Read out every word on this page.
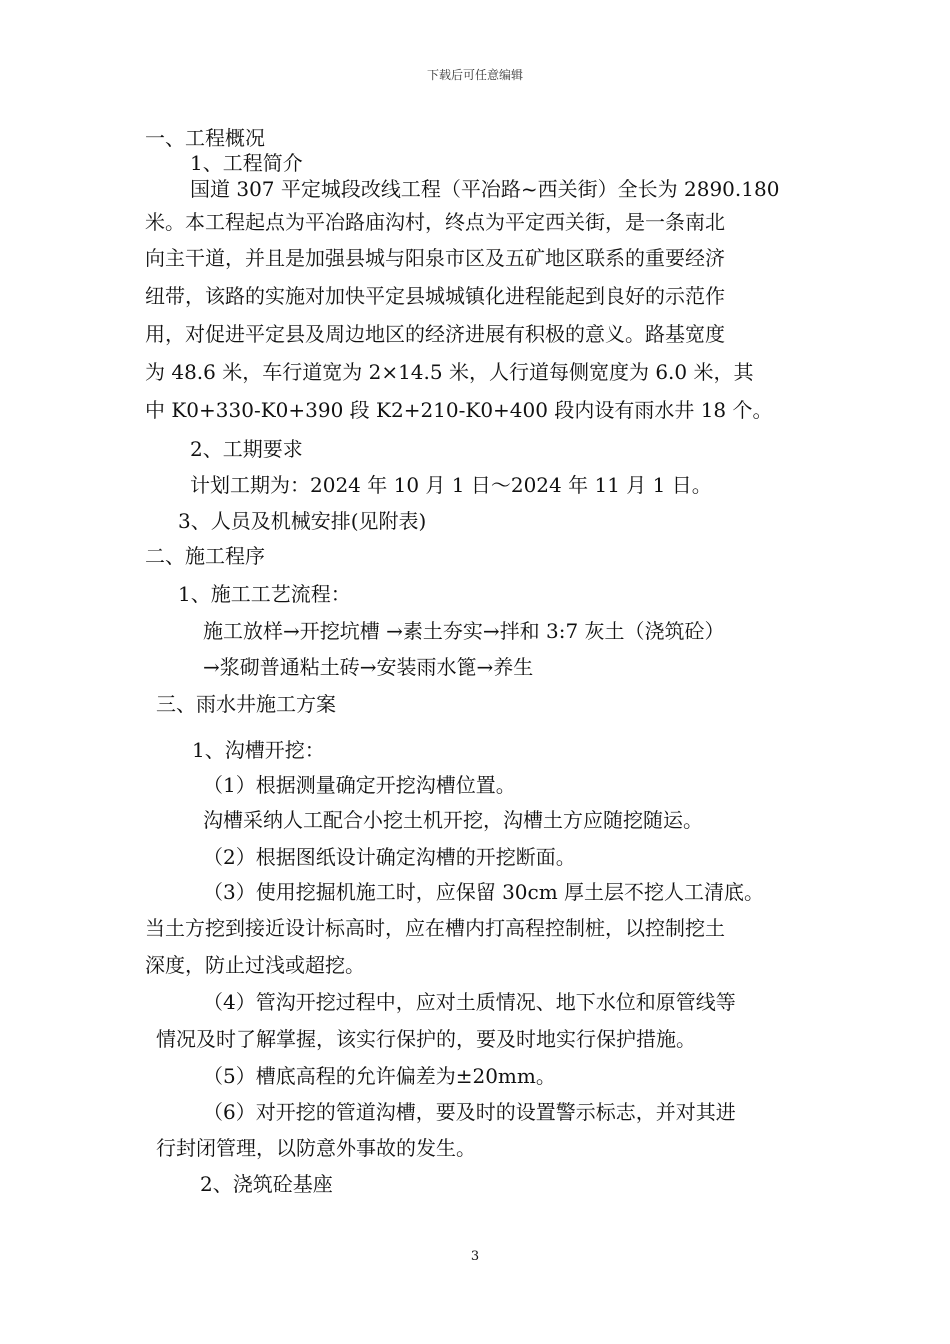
下载后可任意编辑
一、工程概况
1、工程简介
国道 307 平定城段改线工程（平冶路~西关街）全长为 2890.180
米。本工程起点为平冶路庙沟村，终点为平定西关街，是一条南北
向主干道，并且是加强县城与阳泉市区及五矿地区联系的重要经济
纽带，该路的实施对加快平定县城城镇化进程能起到良好的示范作
用，对促进平定县及周边地区的经济进展有积极的意义。路基宽度
为 48.6 米，车行道宽为 2×14.5 米，人行道每侧宽度为 6.0 米，其
中 K0+330-K0+390 段 K2+210-K0+400 段内设有雨水井 18 个。
2、工期要求
计划工期为：2024 年 10 月 1 日～2024 年 11 月 1 日。
3、人员及机械安排(见附表)
二、施工程序
1、施工工艺流程：
施工放样→开挖坑槽 →素土夯实→拌和 3:7 灰土（浇筑砼）
→浆砌普通粘土砖→安装雨水篦→养生
三、雨水井施工方案
1、沟槽开挖：
（1）根据测量确定开挖沟槽位置。
沟槽采纳人工配合小挖土机开挖，沟槽土方应随挖随运。
（2）根据图纸设计确定沟槽的开挖断面。
（3）使用挖掘机施工时，应保留 30cm 厚土层不挖人工清底。
当土方挖到接近设计标高时，应在槽内打高程控制桩，以控制挖土
深度，防止过浅或超挖。
（4）管沟开挖过程中，应对土质情况、地下水位和原管线等
情况及时了解掌握，该实行保护的，要及时地实行保护措施。
（5）槽底高程的允许偏差为±20mm。
（6）对开挖的管道沟槽，要及时的设置警示标志，并对其进
行封闭管理，以防意外事故的发生。
2、浇筑砼基座
3
